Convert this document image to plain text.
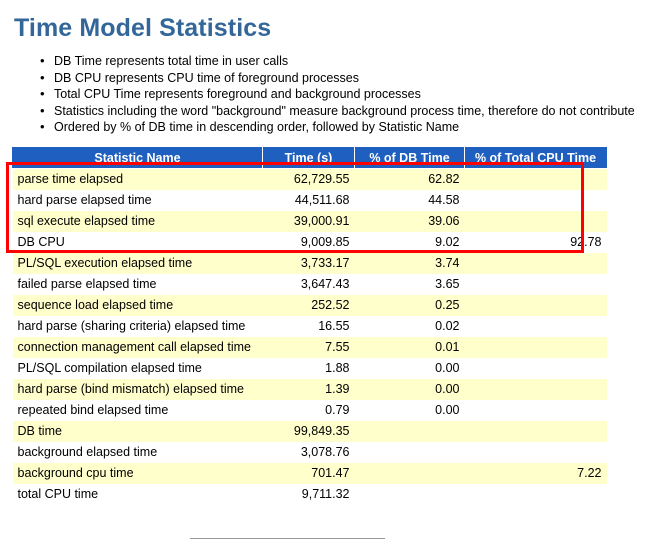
Time Model Statistics
• DB Time represents total time in user calls
• DB CPU represents CPU time of foreground processes
• Total CPU Time represents foreground and background processes
• Statistics including the word "background" measure background process time, therefore do not contribute
• Ordered by % of DB time in descending order, followed by Statistic Name
Statistic Name	Time (s)	% of DB Time	% of Total CPU Time
parse time elapsed	62,729.55	62.82	
hard parse elapsed time	44,511.68	44.58	
sql execute elapsed time	39,000.91	39.06	
DB CPU	9,009.85	9.02	92.78
PL/SQL execution elapsed time	3,733.17	3.74	
failed parse elapsed time	3,647.43	3.65	
sequence load elapsed time	252.52	0.25	
hard parse (sharing criteria) elapsed time	16.55	0.02	
connection management call elapsed time	7.55	0.01	
PL/SQL compilation elapsed time	1.88	0.00	
hard parse (bind mismatch) elapsed time	1.39	0.00	
repeated bind elapsed time	0.79	0.00	
DB time	99,849.35		
background elapsed time	3,078.76		
background cpu time	701.47		7.22
total CPU time	9,711.32		
